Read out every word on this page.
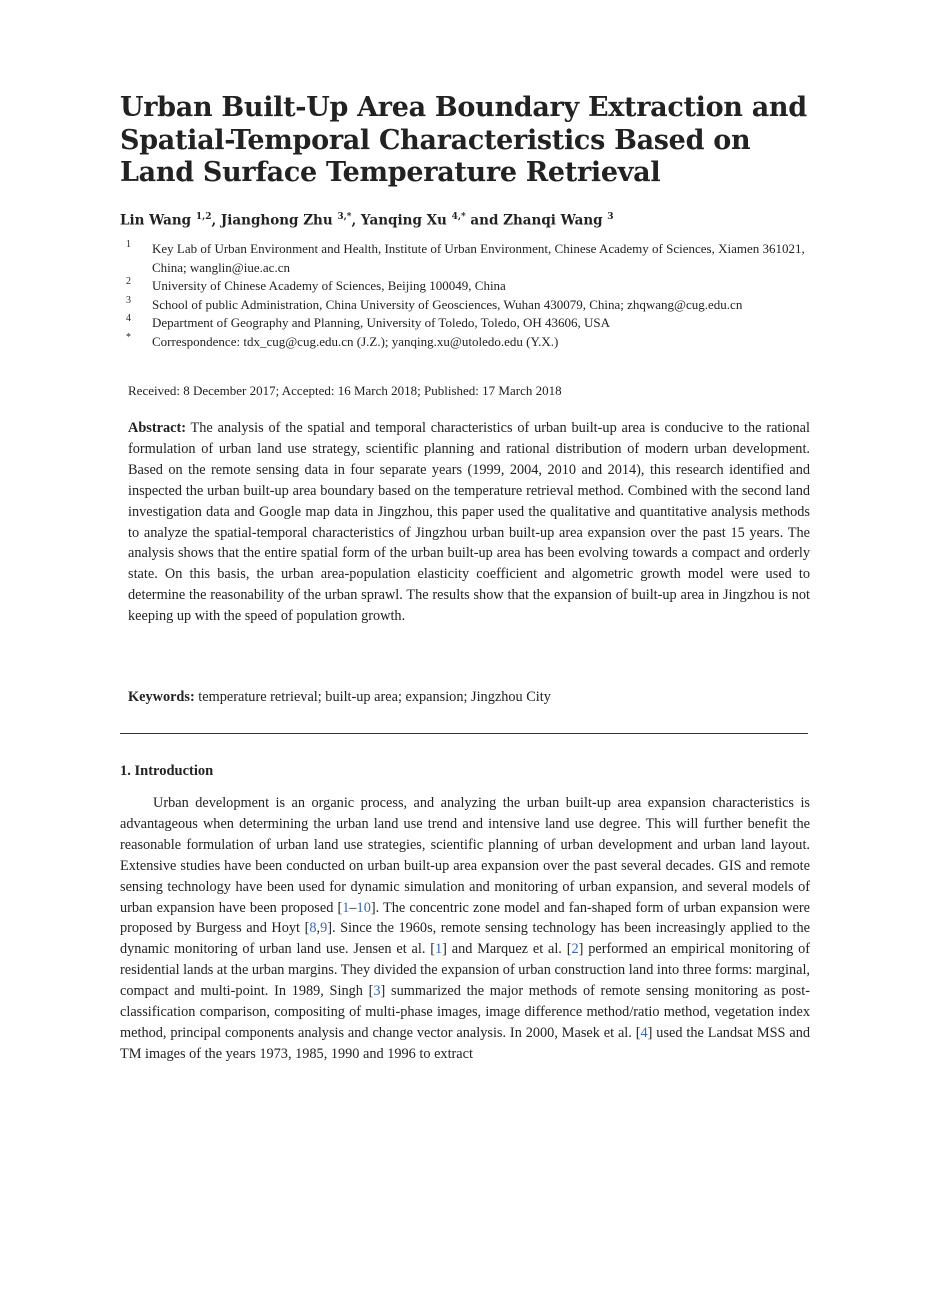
Urban Built-Up Area Boundary Extraction and Spatial-Temporal Characteristics Based on Land Surface Temperature Retrieval
Lin Wang $^{1,2}$, Jianghong Zhu $^{3,*}$, Yanqing Xu $^{4,*}$ and Zhanqi Wang $^3$
1 Key Lab of Urban Environment and Health, Institute of Urban Environment, Chinese Academy of Sciences, Xiamen 361021, China; wanglin@iue.ac.cn
2 University of Chinese Academy of Sciences, Beijing 100049, China
3 School of public Administration, China University of Geosciences, Wuhan 430079, China; zhqwang@cug.edu.cn
4 Department of Geography and Planning, University of Toledo, Toledo, OH 43606, USA
* Correspondence: tdx_cug@cug.edu.cn (J.Z.); yanqing.xu@utoledo.edu (Y.X.)
Received: 8 December 2017; Accepted: 16 March 2018; Published: 17 March 2018
Abstract: The analysis of the spatial and temporal characteristics of urban built-up area is conducive to the rational formulation of urban land use strategy, scientific planning and rational distribution of modern urban development. Based on the remote sensing data in four separate years (1999, 2004, 2010 and 2014), this research identified and inspected the urban built-up area boundary based on the temperature retrieval method. Combined with the second land investigation data and Google map data in Jingzhou, this paper used the qualitative and quantitative analysis methods to analyze the spatial-temporal characteristics of Jingzhou urban built-up area expansion over the past 15 years. The analysis shows that the entire spatial form of the urban built-up area has been evolving towards a compact and orderly state. On this basis, the urban area-population elasticity coefficient and algometric growth model were used to determine the reasonability of the urban sprawl. The results show that the expansion of built-up area in Jingzhou is not keeping up with the speed of population growth.
Keywords: temperature retrieval; built-up area; expansion; Jingzhou City
1. Introduction
Urban development is an organic process, and analyzing the urban built-up area expansion characteristics is advantageous when determining the urban land use trend and intensive land use degree. This will further benefit the reasonable formulation of urban land use strategies, scientific planning of urban development and urban land layout. Extensive studies have been conducted on urban built-up area expansion over the past several decades. GIS and remote sensing technology have been used for dynamic simulation and monitoring of urban expansion, and several models of urban expansion have been proposed [1–10]. The concentric zone model and fan-shaped form of urban expansion were proposed by Burgess and Hoyt [8,9]. Since the 1960s, remote sensing technology has been increasingly applied to the dynamic monitoring of urban land use. Jensen et al. [1] and Marquez et al. [2] performed an empirical monitoring of residential lands at the urban margins. They divided the expansion of urban construction land into three forms: marginal, compact and multi-point. In 1989, Singh [3] summarized the major methods of remote sensing monitoring as post-classification comparison, compositing of multi-phase images, image difference method/ratio method, vegetation index method, principal components analysis and change vector analysis. In 2000, Masek et al. [4] used the Landsat MSS and TM images of the years 1973, 1985, 1990 and 1996 to extract
